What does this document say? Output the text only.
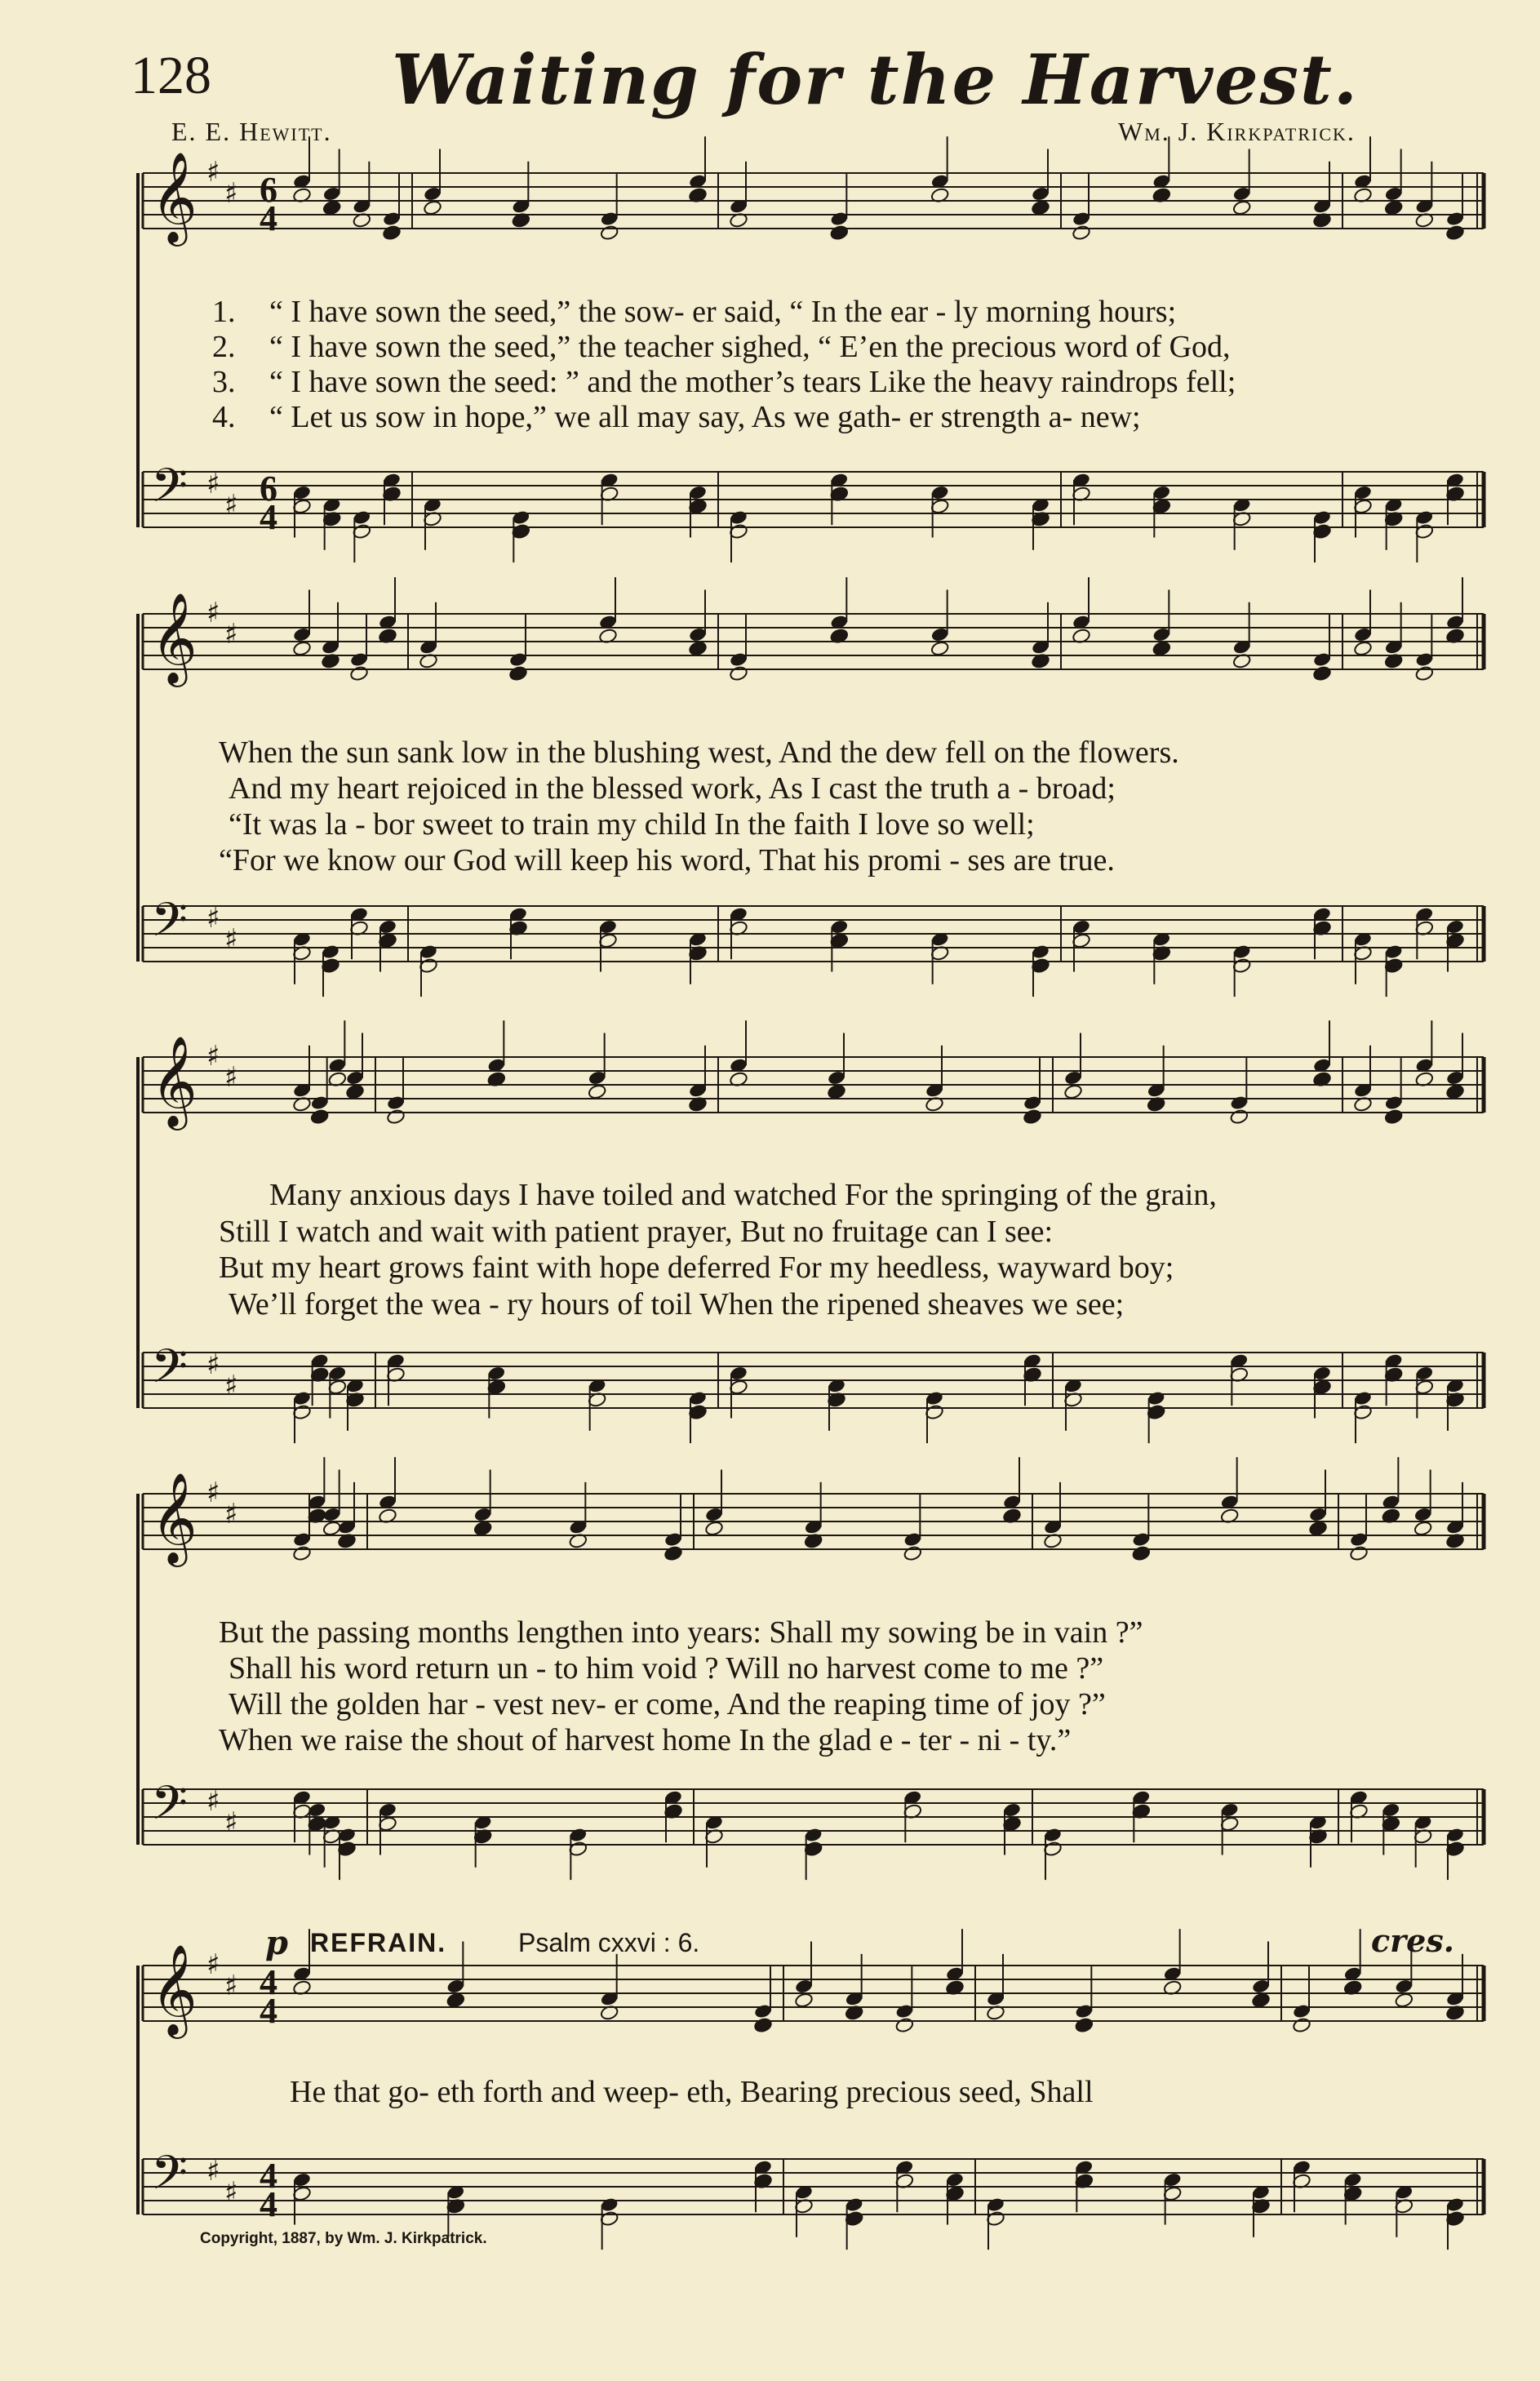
128	Waiting for the Harvest.
E. E. Hewitt.	Wm. J. Kirkpatrick.
𝄞 ♯
♯
𝄢 ♯
♯
𝄞 ♯
♯
𝄢 ♯
♯
𝄞 ♯
♯
𝄢 ♯
♯
𝄞 ♯
♯
𝄢 ♯
♯
𝄞 ♯
♯
𝄢 ♯
♯
6
4
6
4
4
4
4
4
1. “ I have sown the seed,” the sow- er said, “ In the ear - ly morning hours;
2. “ I have sown the seed,” the teacher sighed, “ E’en the precious word of God,
3. “ I have sown the seed: ” and the mother’s tears Like the heavy raindrops fell;
4. “ Let us sow in hope,” we all may say, As we gath- er strength a- new;
When the sun sank low in the blushing west, And the dew fell on the flowers.
And my heart rejoiced in the blessed work, As I cast the truth a - broad;
“It was la - bor sweet to train my child In the faith I love so well;
“For we know our God will keep his word, That his promi - ses are true.
Many anxious days I have toiled and watched For the springing of the grain,
Still I watch and wait with patient prayer, But no fruitage can I see:
But my heart grows faint with hope deferred For my heedless, wayward boy;
We’ll forget the wea - ry hours of toil When the ripened sheaves we see;
But the passing months lengthen into years: Shall my sowing be in vain ?”
Shall his word return un - to him void ? Will no harvest come to me ?”
Will the golden har - vest nev- er come, And the reaping time of joy ?”
When we raise the shout of harvest home In the glad e - ter - ni - ty.”
p REFRAIN.	Psalm cxxvi : 6.	cres.
He that go- eth forth and weep- eth, Bearing precious seed, Shall
Copyright, 1887, by Wm. J. Kirkpatrick.
